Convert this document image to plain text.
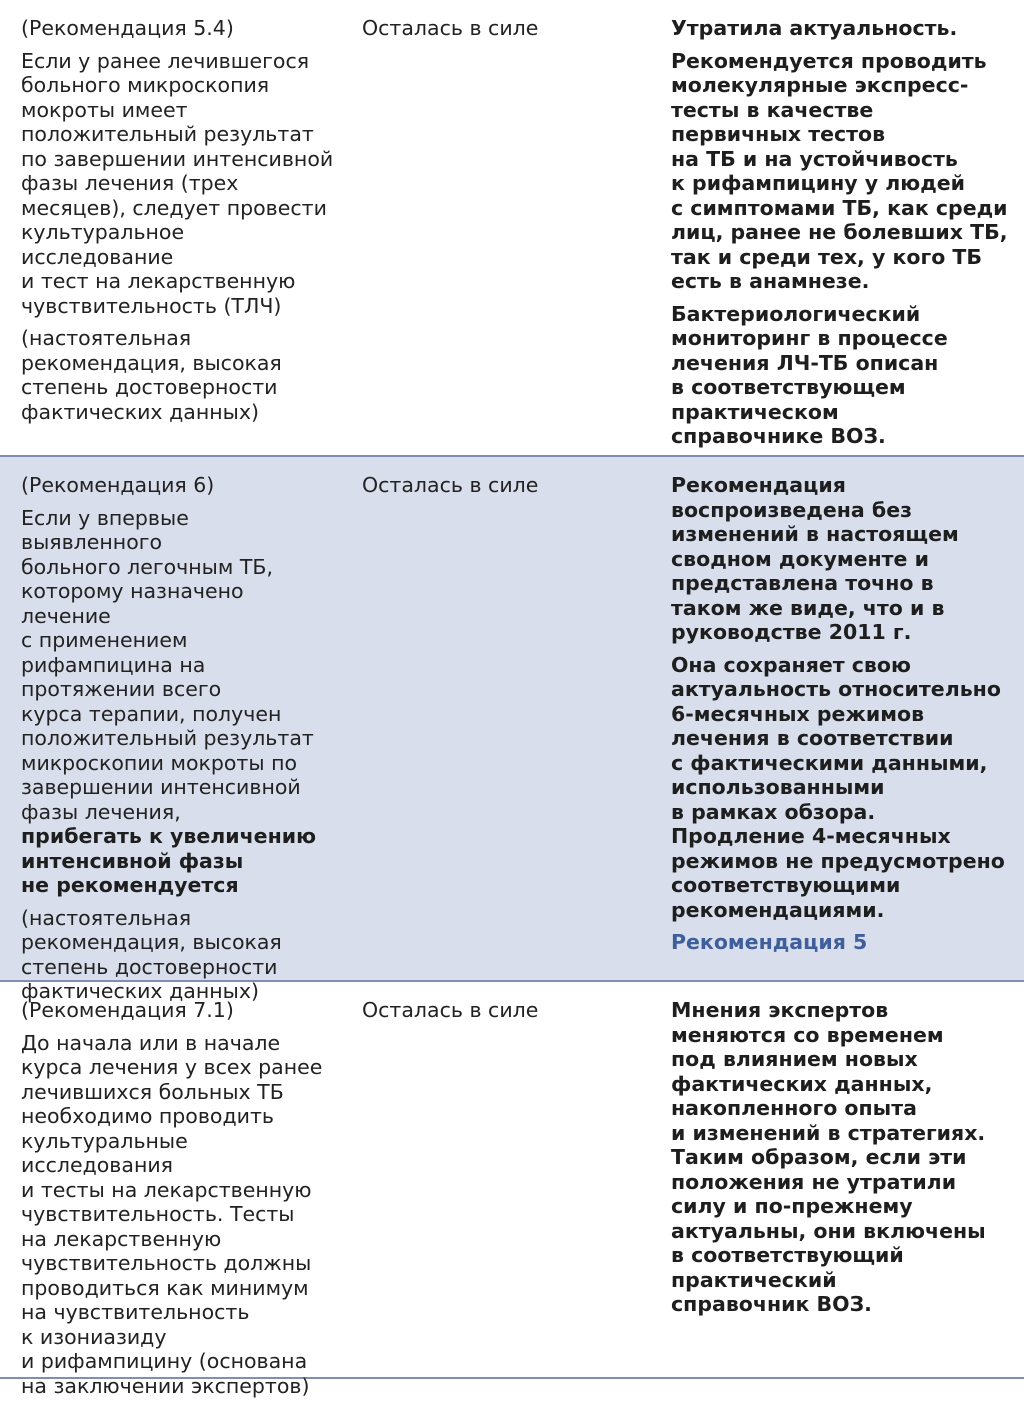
(Рекомендация 5.4)

Если у ранее лечившегося
больного микроскопия
мокроты имеет
положительный результат
по завершении интенсивной
фазы лечения (трех
месяцев), следует провести
культуральное исследование
и тест на лекарственную
чувствительность (ТЛЧ)

(настоятельная
рекомендация, высокая
степень достоверности
фактических данных)

Осталась в силе	Утратила актуальность.

Рекомендуется проводить
молекулярные экспресс-
тесты в качестве
первичных тестов
на ТБ и на устойчивость
к рифампицину у людей
с симптомами ТБ, как среди
лиц, ранее не болевших ТБ,
так и среди тех, у кого ТБ
есть в анамнезе.

Бактериологический
мониторинг в процессе
лечения ЛЧ-ТБ описан
в соответствующем
практическом
справочнике ВОЗ.

(Рекомендация 6)

Если у впервые выявленного
больного легочным ТБ,
которому назначено
лечение
с применением
рифампицина на
протяжении всего
курса терапии, получен
положительный результат
микроскопии мокроты по
завершении интенсивной
фазы лечения,

прибегать к увеличению
интенсивной фазы
не рекомендуется

(настоятельная
рекомендация, высокая
степень достоверности
фактических данных)

Осталась в силе	Рекомендация
воспроизведена без
изменений в настоящем
сводном документе и
представлена точно в
таком же виде, что и в
руководстве 2011 г.

Она сохраняет свою
актуальность относительно
6-месячных режимов
лечения в соответствии
с фактическими данными,
использованными
в рамках обзора.
Продление 4-месячных
режимов не предусмотрено
соответствующими
рекомендациями.

Рекомендация 5

(Рекомендация 7.1)

До начала или в начале
курса лечения у всех ранее
лечившихся больных ТБ
необходимо проводить
культуральные исследования
и тесты на лекарственную
чувствительность. Тесты
на лекарственную
чувствительность должны
проводиться как минимум
на чувствительность
к изониазиду
и рифампицину (основана
на заключении экспертов)

Осталась в силе	Мнения экспертов
меняются со временем
под влиянием новых
фактических данных,
накопленного опыта
и изменений в стратегиях.
Таким образом, если эти
положения не утратили
силу и по-прежнему
актуальны, они включены
в соответствующий
практический
справочник ВОЗ.
